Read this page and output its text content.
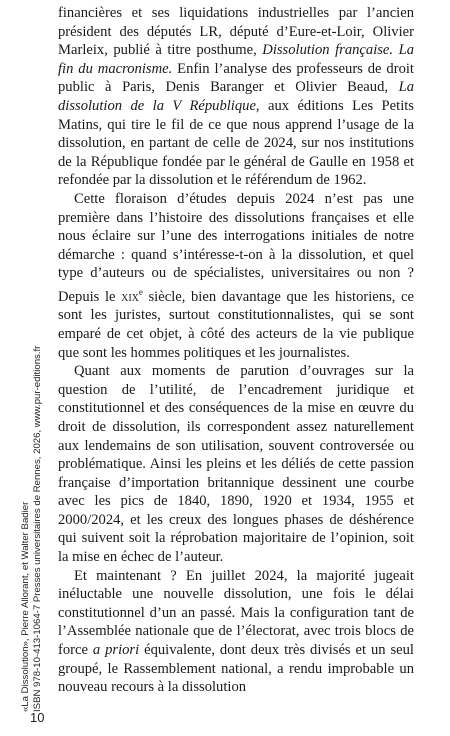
financières et ses liquidations industrielles par l’ancien président des députés LR, député d’Eure-et-Loir, Olivier Marleix, publié à titre posthume, Dissolution française. La fin du macronisme. Enfin l’analyse des professeurs de droit public à Paris, Denis Baranger et Olivier Beaud, La dissolution de la V République, aux éditions Les Petits Matins, qui tire le fil de ce que nous apprend l’usage de la dissolution, en partant de celle de 2024, sur nos institutions de la République fondée par le général de Gaulle en 1958 et refondée par la dissolution et le référendum de 1962.

Cette floraison d’études depuis 2024 n’est pas une première dans l’histoire des dissolutions françaises et elle nous éclaire sur l’une des interrogations initiales de notre démarche : quand s’intéresse-t-on à la dissolution, et quel type d’auteurs ou de spécialistes, universitaires ou non ? Depuis le xix$^e$ siècle, bien davantage que les historiens, ce sont les juristes, surtout constitutionnalistes, qui se sont emparé de cet objet, à côté des acteurs de la vie publique que sont les hommes politiques et les journalistes.

Quant aux moments de parution d’ouvrages sur la question de l’utilité, de l’encadrement juridique et constitutionnel et des conséquences de la mise en œuvre du droit de dissolution, ils correspondent assez naturellement aux lendemains de son utilisation, souvent controversée ou problématique. Ainsi les pleins et les déliés de cette passion française d’importation britannique dessinent une courbe avec les pics de 1840, 1890, 1920 et 1934, 1955 et 2000/2024, et les creux des longues phases de déshérence qui suivent soit la réprobation majoritaire de l’opinion, soit la mise en échec de l’auteur.

Et maintenant ? En juillet 2024, la majorité jugeait inéluctable une nouvelle dissolution, une fois le délai constitutionnel d’un an passé. Mais la configuration tant de l’Assemblée nationale que de l’électorat, avec trois blocs de force a priori équivalente, dont deux très divisés et un seul groupé, le Rassemblement national, a rendu improbable un nouveau recours à la dissolution

«La Dissolution», Pierre Allorant, et Walter Badier ISBN 978-10-413-1064-7 Presses universitaires de Rennes, 2026, www.pur-editions.fr
10
